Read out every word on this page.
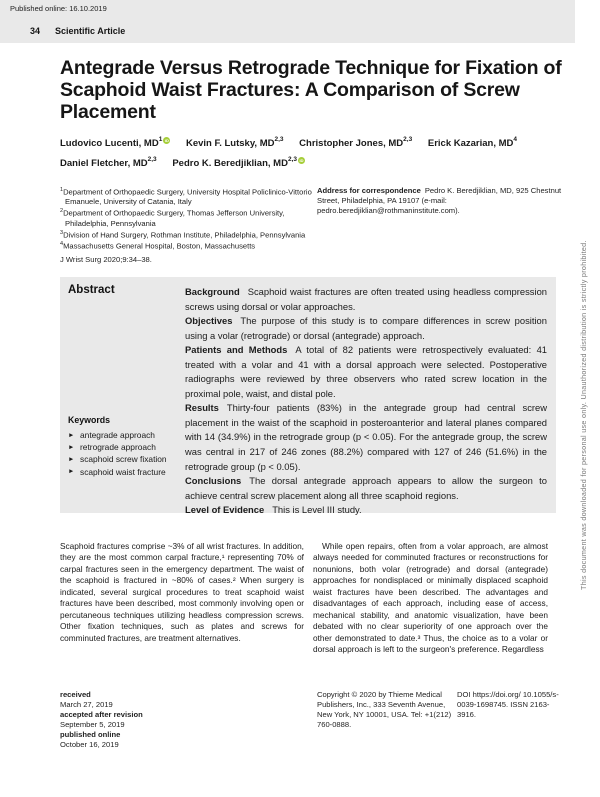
Published online: 16.10.2019
34 Scientific Article
Antegrade Versus Retrograde Technique for Fixation of
Scaphoid Waist Fractures: A Comparison of Screw
Placement
Ludovico Lucenti, $MD^1$ iD Kevin F. Lutsky, MD$^{2,3}$ Christopher Jones, MD$^{2,3}$ Erick Kazarian, $MD^4$ Daniel Fletcher, MD$^{2,3}$ Pedro K. Beredjiklian, MD$^{2,3}$ iD
$^1$Department of Orthopaedic Surgery, University Hospital Policlinico-Vittorio Emanuele, University of Catania, Italy
$^2$Department of Orthopaedic Surgery, Thomas Jefferson University, Philadelphia, Pennsylvania
$^3$Division of Hand Surgery, Rothman Institute, Philadelphia, Pennsylvania
$^4$Massachusetts General Hospital, Boston, Massachusetts
J Wrist Surg 2020;9:34–38.
Address for correspondence Pedro K. Beredjiklian, MD, 925 Chestnut Street, Philadelphia, PA 19107 (e-mail: pedro.beredjiklian@rothmaninstitute.com).
Abstract
Keywords
► antegrade approach
► retrograde approach
► scaphoid screw fixation
► scaphoid waist fracture
Background Scaphoid waist fractures are often treated using headless compression screws using dorsal or volar approaches.
Objectives The purpose of this study is to compare differences in screw position using a volar (retrograde) or dorsal (antegrade) approach.
Patients and Methods A total of 82 patients were retrospectively evaluated: 41 treated with a volar and 41 with a dorsal approach were selected. Postoperative radiographs were reviewed by three observers who rated screw location in the proximal pole, waist, and distal pole.
Results Thirty-four patients (83%) in the antegrade group had central screw placement in the waist of the scaphoid in posteroanterior and lateral planes compared with 14 (34.9%) in the retrograde group (p < 0.05). For the antegrade group, the screw was central in 217 of 246 zones (88.2%) compared with 127 of 246 (51.6%) in the retrograde group (p < 0.05).
Conclusions The dorsal antegrade approach appears to allow the surgeon to achieve central screw placement along all three scaphoid regions.
Level of Evidence This is Level III study.
Scaphoid fractures comprise ~3% of all wrist fractures. In addition, they are the most common carpal fracture,¹ representing 70% of carpal fractures seen in the emergency department. The waist of the scaphoid is fractured in ~80% of cases.² When surgery is indicated, several surgical procedures to treat scaphoid waist fractures have been described, most commonly involving open or percutaneous techniques utilizing headless compression screws. Other fixation techniques, such as plates and screws for comminuted fractures, are treatment alternatives.
While open repairs, often from a volar approach, are almost always needed for comminuted fractures or reconstructions for nonunions, both volar (retrograde) and dorsal (antegrade) approaches for nondisplaced or minimally displaced scaphoid waist fractures have been described. The advantages and disadvantages of each approach, including ease of access, mechanical stability, and anatomic visualization, have been debated with no clear superiority of one approach over the other demonstrated to date.³ Thus, the choice as to a volar or dorsal approach is left to the surgeon's preference. Regardless
received
March 27, 2019
accepted after revision
September 5, 2019
published online
October 16, 2019
Copyright © 2020 by Thieme Medical Publishers, Inc., 333 Seventh Avenue, New York, NY 10001, USA. Tel: +1(212) 760-0888.
DOI https://doi.org/ 10.1055/s-0039-1698745. ISSN 2163-3916.
This document was downloaded for personal use only. Unauthorized distribution is strictly prohibited.
